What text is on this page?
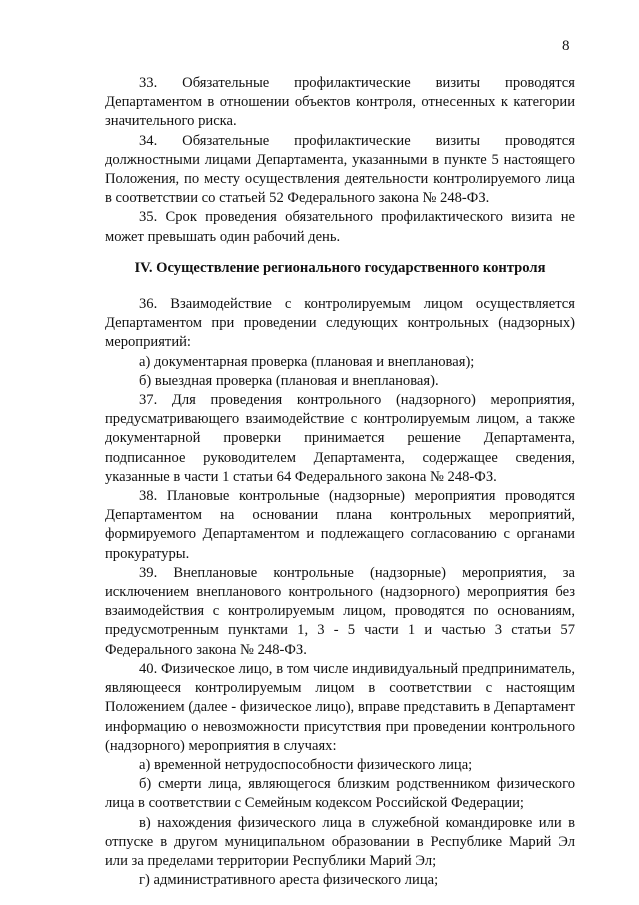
8

33. Обязательные профилактические визиты проводятся Департаментом в отношении объектов контроля, отнесенных к категории значительного риска.

34. Обязательные профилактические визиты проводятся должностными лицами Департамента, указанными в пункте 5 настоящего Положения, по месту осуществления деятельности контролируемого лица в соответствии со статьей 52 Федерального закона № 248-ФЗ.

35. Срок проведения обязательного профилактического визита не может превышать один рабочий день.

IV. Осуществление регионального государственного контроля

36. Взаимодействие с контролируемым лицом осуществляется Департаментом при проведении следующих контрольных (надзорных) мероприятий:

а) документарная проверка (плановая и внеплановая);

б) выездная проверка (плановая и внеплановая).

37. Для проведения контрольного (надзорного) мероприятия, предусматривающего взаимодействие с контролируемым лицом, а также документарной проверки принимается решение Департамента, подписанное руководителем Департамента, содержащее сведения, указанные в части 1 статьи 64 Федерального закона № 248-ФЗ.

38. Плановые контрольные (надзорные) мероприятия проводятся Департаментом на основании плана контрольных мероприятий, формируемого Департаментом и подлежащего согласованию с органами прокуратуры.

39. Внеплановые контрольные (надзорные) мероприятия, за исключением внепланового контрольного (надзорного) мероприятия без взаимодействия с контролируемым лицом, проводятся по основаниям, предусмотренным пунктами 1, 3 - 5 части 1 и частью 3 статьи 57 Федерального закона № 248-ФЗ.

40. Физическое лицо, в том числе индивидуальный предприниматель, являющееся контролируемым лицом в соответствии с настоящим Положением (далее - физическое лицо), вправе представить в Департамент информацию о невозможности присутствия при проведении контрольного (надзорного) мероприятия в случаях:

а) временной нетрудоспособности физического лица;

б) смерти лица, являющегося близким родственником физического лица в соответствии с Семейным кодексом Российской Федерации;

в) нахождения физического лица в служебной командировке или в отпуске в другом муниципальном образовании в Республике Марий Эл или за пределами территории Республики Марий Эл;

г) административного ареста физического лица;
